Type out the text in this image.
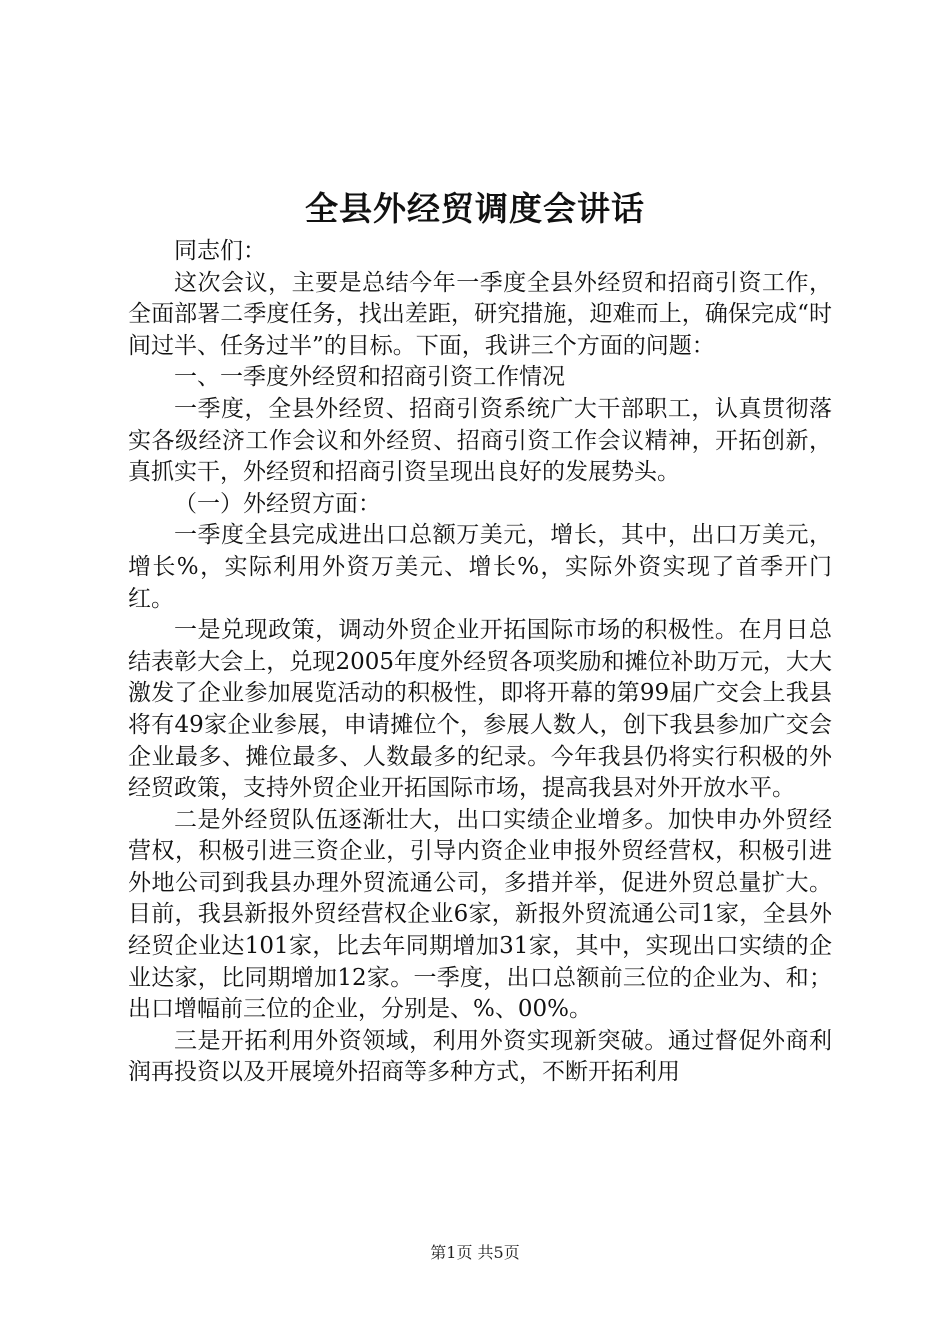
全县外经贸调度会讲话

同志们：

这次会议，主要是总结今年一季度全县外经贸和招商引资工作，全面部署二季度任务，找出差距，研究措施，迎难而上，确保完成“时间过半、任务过半”的目标。下面，我讲三个方面的问题：

一、一季度外经贸和招商引资工作情况

一季度，全县外经贸、招商引资系统广大干部职工，认真贯彻落实各级经济工作会议和外经贸、招商引资工作会议精神，开拓创新，真抓实干，外经贸和招商引资呈现出良好的发展势头。

（一）外经贸方面：

一季度全县完成进出口总额万美元，增长，其中，出口万美元，增长%，实际利用外资万美元、增长%，实际外资实现了首季开门红。

一是兑现政策，调动外贸企业开拓国际市场的积极性。在月日总结表彰大会上，兑现2005年度外经贸各项奖励和摊位补助万元，大大激发了企业参加展览活动的积极性，即将开幕的第99届广交会上我县将有49家企业参展，申请摊位个，参展人数人，创下我县参加广交会企业最多、摊位最多、人数最多的纪录。今年我县仍将实行积极的外经贸政策，支持外贸企业开拓国际市场，提高我县对外开放水平。

二是外经贸队伍逐渐壮大，出口实绩企业增多。加快申办外贸经营权，积极引进三资企业，引导内资企业申报外贸经营权，积极引进外地公司到我县办理外贸流通公司，多措并举，促进外贸总量扩大。目前，我县新报外贸经营权企业6家，新报外贸流通公司1家，全县外经贸企业达101家，比去年同期增加31家，其中，实现出口实绩的企业达家，比同期增加12家。一季度，出口总额前三位的企业为、和；出口增幅前三位的企业，分别是、%、00%。

三是开拓利用外资领域，利用外资实现新突破。通过督促外商利润再投资以及开展境外招商等多种方式，不断开拓利用

第1页 共5页
